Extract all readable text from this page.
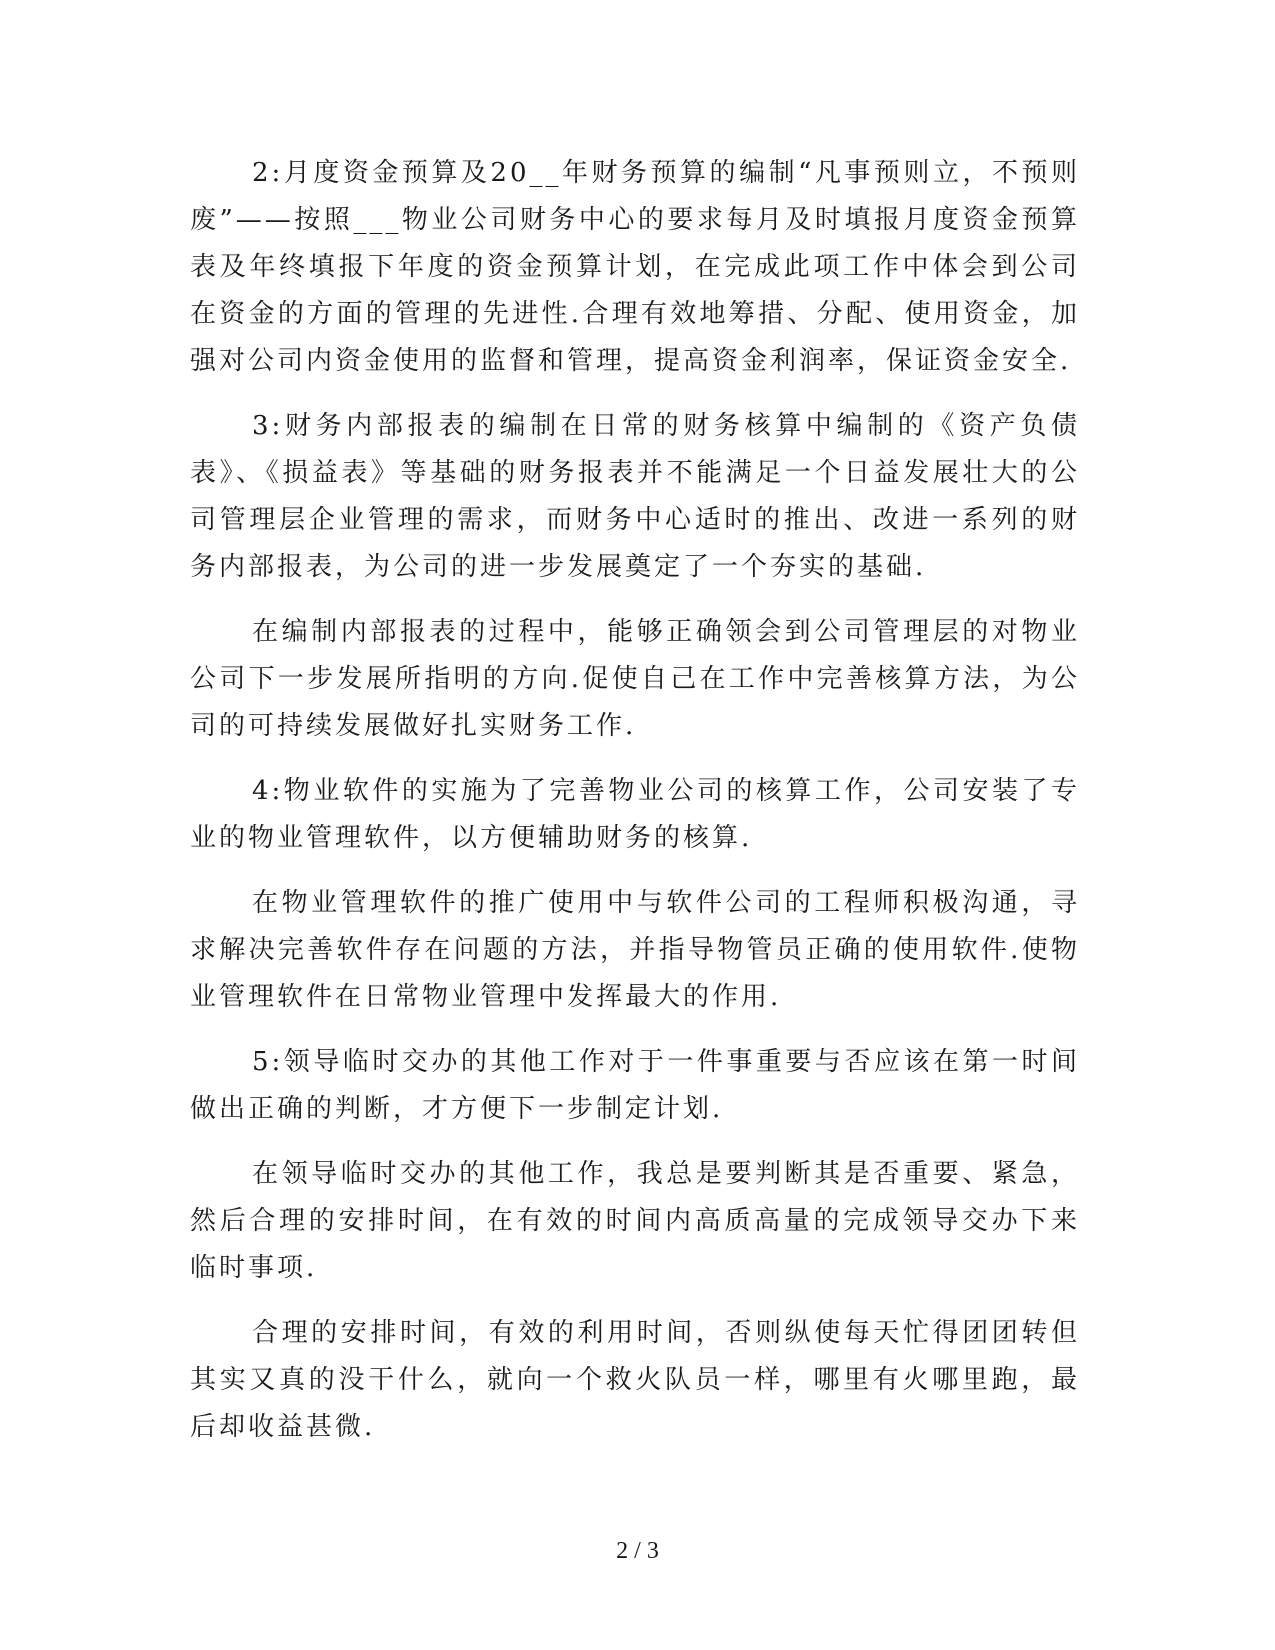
2:月度资金预算及20__年财务预算的编制“凡事预则立，不预则废”——按照___物业公司财务中心的要求每月及时填报月度资金预算表及年终填报下年度的资金预算计划，在完成此项工作中体会到公司在资金的方面的管理的先进性.合理有效地筹措、分配、使用资金，加强对公司内资金使用的监督和管理，提高资金利润率，保证资金安全.

3:财务内部报表的编制在日常的财务核算中编制的《资产负债表》、《损益表》等基础的财务报表并不能满足一个日益发展壮大的公司管理层企业管理的需求，而财务中心适时的推出、改进一系列的财务内部报表，为公司的进一步发展奠定了一个夯实的基础.

在编制内部报表的过程中，能够正确领会到公司管理层的对物业公司下一步发展所指明的方向.促使自己在工作中完善核算方法，为公司的可持续发展做好扎实财务工作.

4:物业软件的实施为了完善物业公司的核算工作，公司安装了专业的物业管理软件，以方便辅助财务的核算.

在物业管理软件的推广使用中与软件公司的工程师积极沟通，寻求解决完善软件存在问题的方法，并指导物管员正确的使用软件.使物业管理软件在日常物业管理中发挥最大的作用.

5:领导临时交办的其他工作对于一件事重要与否应该在第一时间做出正确的判断，才方便下一步制定计划.

在领导临时交办的其他工作，我总是要判断其是否重要、紧急，然后合理的安排时间，在有效的时间内高质高量的完成领导交办下来临时事项.

合理的安排时间，有效的利用时间，否则纵使每天忙得团团转但其实又真的没干什么，就向一个救火队员一样，哪里有火哪里跑，最后却收益甚微.

2 / 3
